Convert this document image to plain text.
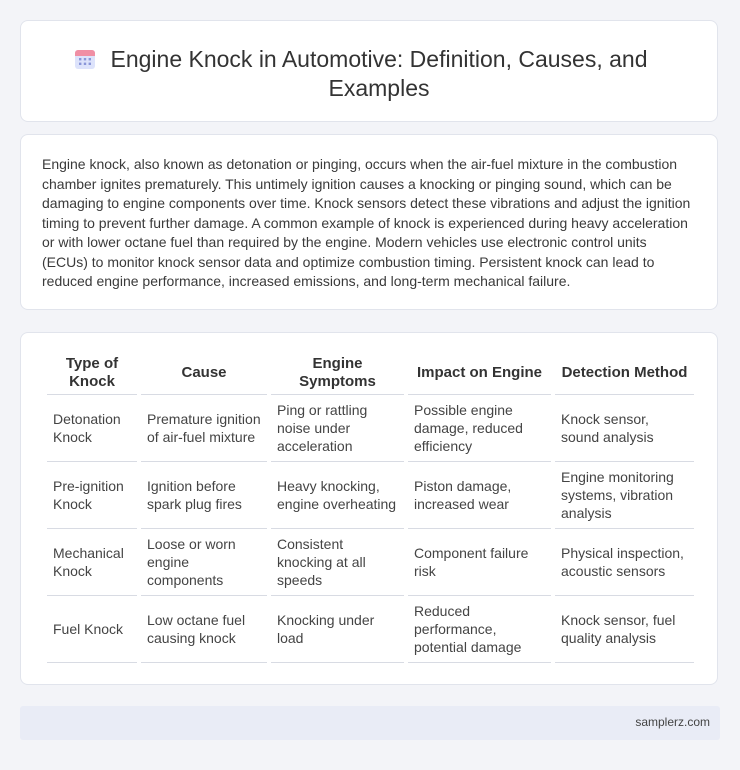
Engine Knock in Automotive: Definition, Causes, and Examples

Engine knock, also known as detonation or pinging, occurs when the air-fuel mixture in the combustion chamber ignites prematurely. This untimely ignition causes a knocking or pinging sound, which can be damaging to engine components over time. Knock sensors detect these vibrations and adjust the ignition timing to prevent further damage. A common example of knock is experienced during heavy acceleration or with lower octane fuel than required by the engine. Modern vehicles use electronic control units (ECUs) to monitor knock sensor data and optimize combustion timing. Persistent knock can lead to reduced engine performance, increased emissions, and long-term mechanical failure.

Type of Knock	Cause	Engine Symptoms	Impact on Engine	Detection Method
Detonation Knock	Premature ignition of air-fuel mixture	Ping or rattling noise under acceleration	Possible engine damage, reduced efficiency	Knock sensor, sound analysis
Pre-ignition Knock	Ignition before spark plug fires	Heavy knocking, engine overheating	Piston damage, increased wear	Engine monitoring systems, vibration analysis
Mechanical Knock	Loose or worn engine components	Consistent knocking at all speeds	Component failure risk	Physical inspection, acoustic sensors
Fuel Knock	Low octane fuel causing knock	Knocking under load	Reduced performance, potential damage	Knock sensor, fuel quality analysis
samplerz.com
